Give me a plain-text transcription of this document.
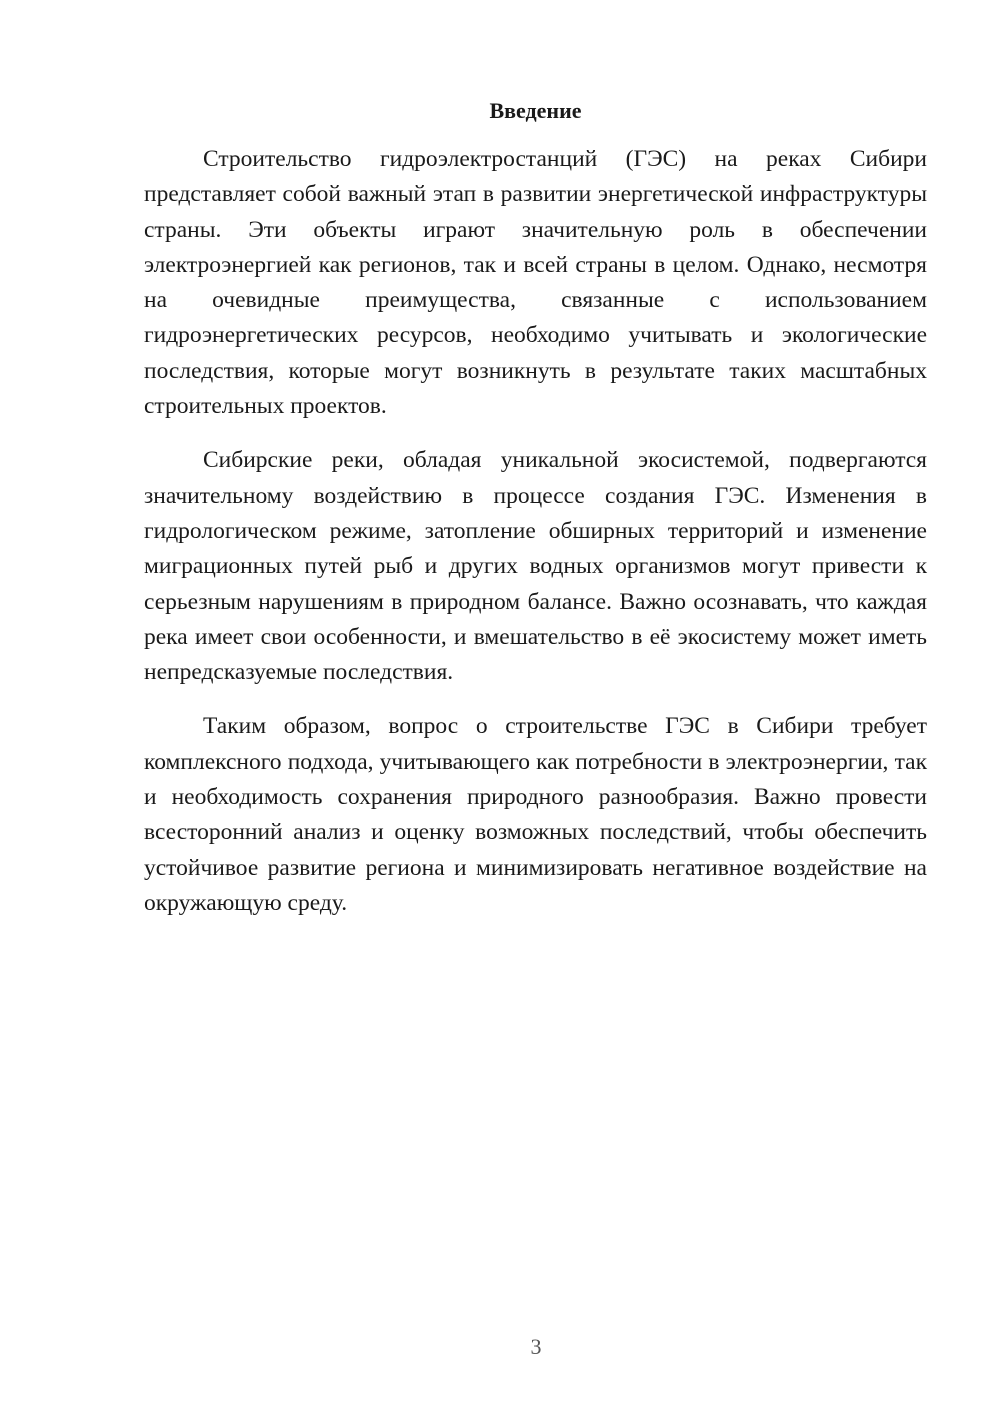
Введение

Строительство гидроэлектростанций (ГЭС) на реках Сибири представляет собой важный этап в развитии энергетической инфраструктуры страны. Эти объекты играют значительную роль в обеспечении электроэнергией как регионов, так и всей страны в целом. Однако, несмотря на очевидные преимущества, связанные с использованием гидроэнергетических ресурсов, необходимо учитывать и экологические последствия, которые могут возникнуть в результате таких масштабных строительных проектов.

Сибирские реки, обладая уникальной экосистемой, подвергаются значительному воздействию в процессе создания ГЭС. Изменения в гидрологическом режиме, затопление обширных территорий и изменение миграционных путей рыб и других водных организмов могут привести к серьезным нарушениям в природном балансе. Важно осознавать, что каждая река имеет свои особенности, и вмешательство в её экосистему может иметь непредсказуемые последствия.

Таким образом, вопрос о строительстве ГЭС в Сибири требует комплексного подхода, учитывающего как потребности в электроэнергии, так и необходимость сохранения природного разнообразия. Важно провести всесторонний анализ и оценку возможных последствий, чтобы обеспечить устойчивое развитие региона и минимизировать негативное воздействие на окружающую среду.

3
